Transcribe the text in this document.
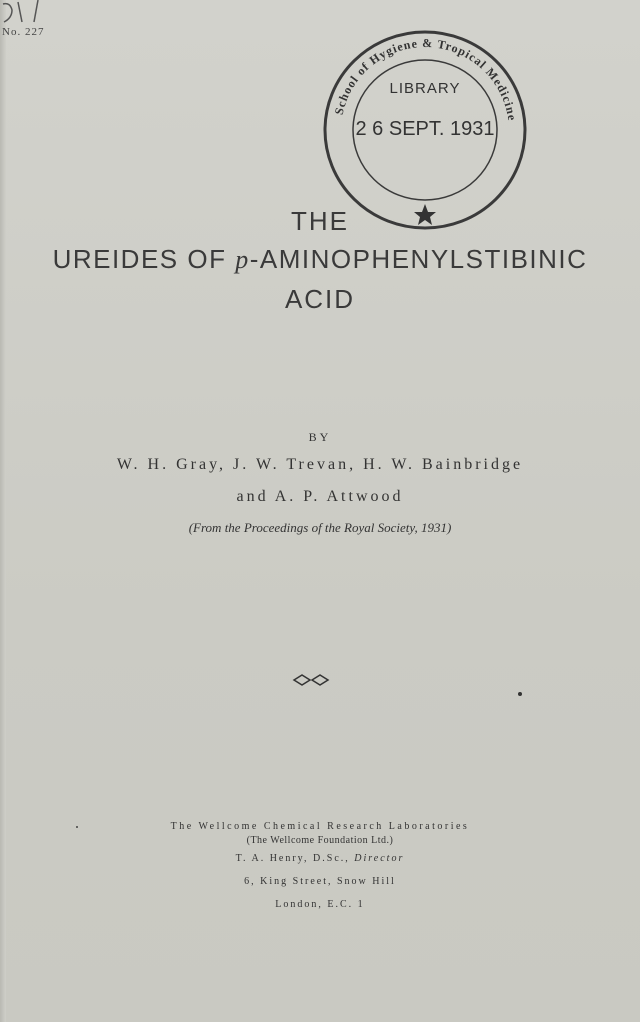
No. 227
School of Hygiene & Tropical Medicine
LIBRARY
2 6 SEPT. 1931
THE
UREIDES OF p-AMINOPHENYLSTIBINIC
ACID
BY
W. H. Gray, J. W. Trevan, H. W. Bainbridge
and A. P. Attwood
(From the Proceedings of the Royal Society, 1931)
The Wellcome Chemical Research Laboratories
(The Wellcome Foundation Ltd.)
T. A. Henry, D.Sc., Director
6, King Street, Snow Hill
London, E.C. 1
